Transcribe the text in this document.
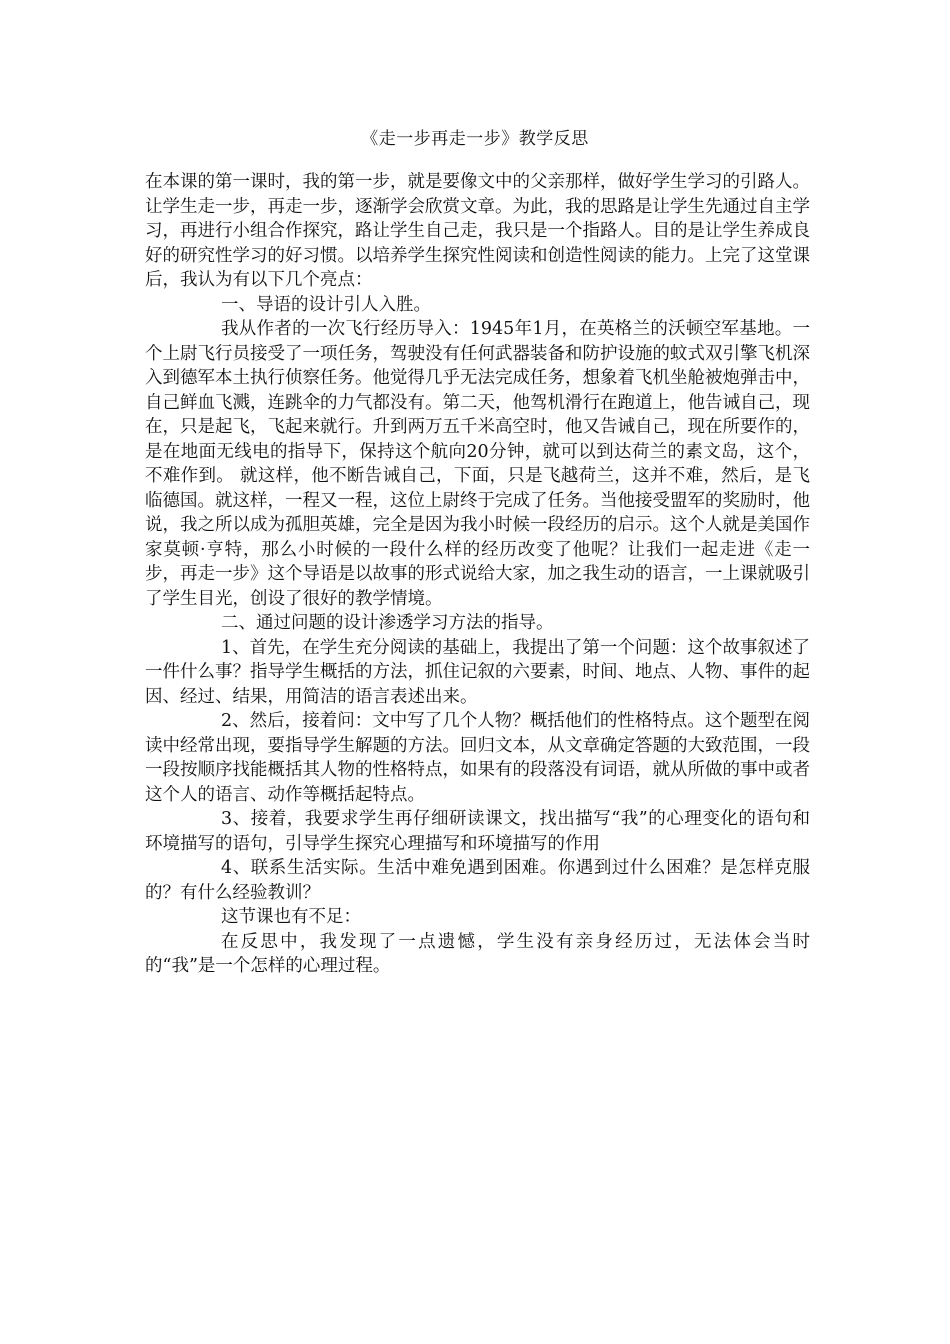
《走一步再走一步》教学反思

在本课的第一课时，我的第一步，就是要像文中的父亲那样，做好学生学习的引路人。让学生走一步，再走一步，逐渐学会欣赏文章。为此，我的思路是让学生先通过自主学习，再进行小组合作探究，路让学生自己走，我只是一个指路人。目的是让学生养成良好的研究性学习的好习惯。以培养学生探究性阅读和创造性阅读的能力。上完了这堂课后，我认为有以下几个亮点：

一、导语的设计引人入胜。

我从作者的一次飞行经历导入：1945年1月，在英格兰的沃顿空军基地。一个上尉飞行员接受了一项任务，驾驶没有任何武器装备和防护设施的蚊式双引擎飞机深入到德军本土执行侦察任务。他觉得几乎无法完成任务，想象着飞机坐舱被炮弹击中，自己鲜血飞溅，连跳伞的力气都没有。第二天，他驾机滑行在跑道上，他告诫自己，现在，只是起飞，飞起来就行。升到两万五千米高空时，他又告诫自己，现在所要作的，是在地面无线电的指导下，保持这个航向20分钟，就可以到达荷兰的素文岛，这个，不难作到。 就这样，他不断告诫自己，下面，只是飞越荷兰，这并不难，然后，是飞临德国。就这样，一程又一程，这位上尉终于完成了任务。当他接受盟军的奖励时，他说，我之所以成为孤胆英雄，完全是因为我小时候一段经历的启示。这个人就是美国作家莫顿·亨特，那么小时候的一段什么样的经历改变了他呢？让我们一起走进《走一步，再走一步》这个导语是以故事的形式说给大家，加之我生动的语言，一上课就吸引了学生目光，创设了很好的教学情境。

二、通过问题的设计渗透学习方法的指导。

1、首先，在学生充分阅读的基础上，我提出了第一个问题：这个故事叙述了一件什么事？指导学生概括的方法，抓住记叙的六要素，时间、地点、人物、事件的起因、经过、结果，用简洁的语言表述出来。

2、然后，接着问：文中写了几个人物？概括他们的性格特点。这个题型在阅读中经常出现，要指导学生解题的方法。回归文本，从文章确定答题的大致范围，一段一段按顺序找能概括其人物的性格特点，如果有的段落没有词语，就从所做的事中或者这个人的语言、动作等概括起特点。

3、接着，我要求学生再仔细研读课文，找出描写“我”的心理变化的语句和环境描写的语句，引导学生探究心理描写和环境描写的作用

4、联系生活实际。生活中难免遇到困难。你遇到过什么困难？是怎样克服的？有什么经验教训？

这节课也有不足：

在反思中，我发现了一点遗憾，学生没有亲身经历过，无法体会当时的“我”是一个怎样的心理过程。
